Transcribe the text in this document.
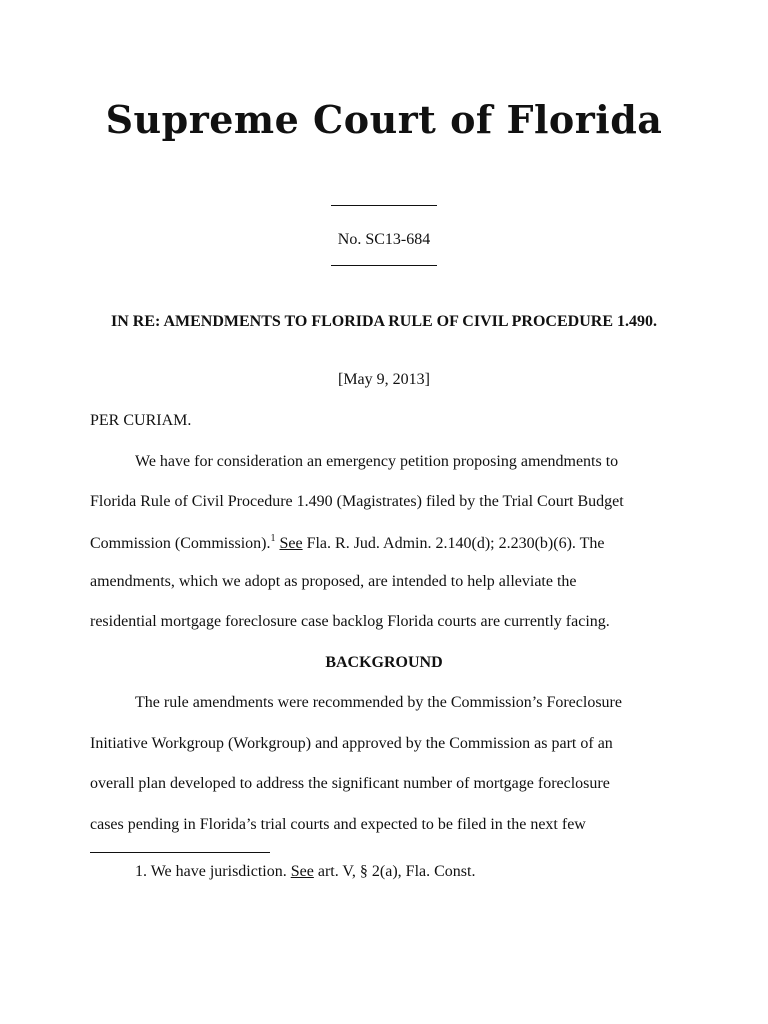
Supreme Court of Florida
No. SC13-684
IN RE: AMENDMENTS TO FLORIDA RULE OF CIVIL PROCEDURE 1.490.
[May 9, 2013]
PER CURIAM.
We have for consideration an emergency petition proposing amendments to
Florida Rule of Civil Procedure 1.490 (Magistrates) filed by the Trial Court Budget
Commission (Commission).$^1$ See Fla. R. Jud. Admin. 2.140(d); 2.230(b)(6). The
amendments, which we adopt as proposed, are intended to help alleviate the
residential mortgage foreclosure case backlog Florida courts are currently facing.
BACKGROUND
The rule amendments were recommended by the Commission’s Foreclosure
Initiative Workgroup (Workgroup) and approved by the Commission as part of an
overall plan developed to address the significant number of mortgage foreclosure
cases pending in Florida’s trial courts and expected to be filed in the next few
1. We have jurisdiction. See art. V, § 2(a), Fla. Const.
